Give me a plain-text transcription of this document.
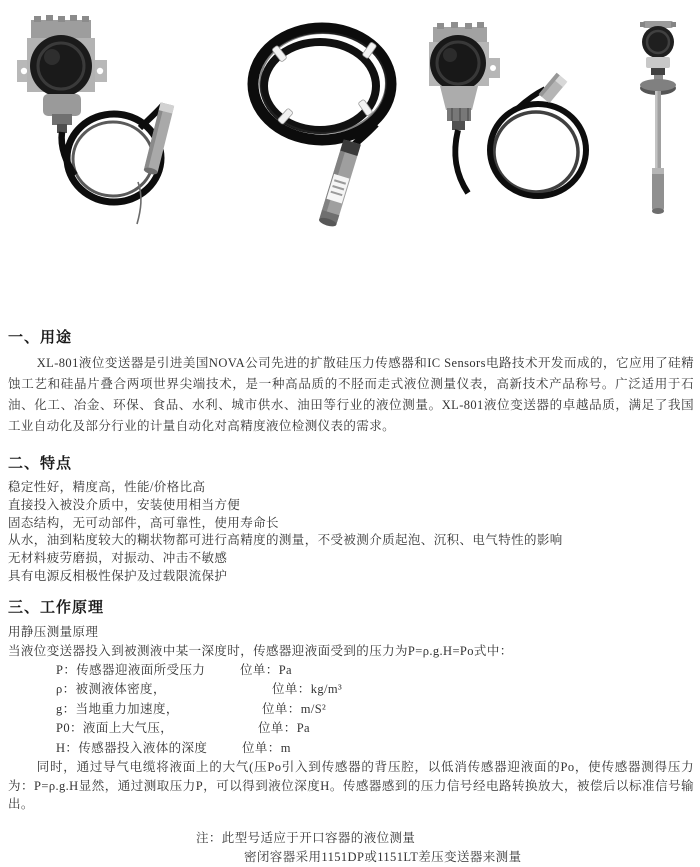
一、用途

XL-801液位变送器是引进美国NOVA公司先进的扩散硅压力传感器和IC Sensors电路技术开发而成的，它应用了硅精蚀工艺和硅晶片叠合两项世界尖端技术，是一种高品质的不胫而走式液位测量仪表，高新技术产品称号。广泛适用于石油、化工、冶金、环保、食品、水利、城市供水、油田等行业的液位测量。XL-801液位变送器的卓越品质，满足了我国工业自动化及部分行业的计量自动化对高精度液位检测仪表的需求。

二、特点

稳定性好，精度高，性能/价格比高

直接投入被没介质中，安装使用相当方便

固态结构，无可动部件，高可靠性，使用寿命长

从水，油到粘度较大的糊状物都可进行高精度的测量，不受被测介质起泡、沉积、电气特性的影响

无材料疲劳磨损，对振动、冲击不敏感

具有电源反相极性保护及过载限流保护

三、工作原理

用静压测量原理

当液位变送器投入到被测液中某一深度时，传感器迎液面受到的压力为P=ρ.g.H=Po式中：

P：传感器迎液面所受压力	位单：Pa
ρ：被测液体密度，	位单：kg/m³
g：当地重力加速度，	位单：m/S²
P0：液面上大气压，	位单：Pa
H：传感器投入液体的深度	位单：m

同时，通过导气电缆将液面上的大气(压Po引入到传感器的背压腔，以低消传感器迎液面的Po，使传感器测得压力为：P=ρ.g.H显然，通过测取压力P，可以得到液位深度H。传感器感到的压力信号经电路转换放大，被偿后以标准信号输出。

注：此型号适应于开口容器的液位测量

密闭容器采用1151DP或1151LT差压变送器来测量
